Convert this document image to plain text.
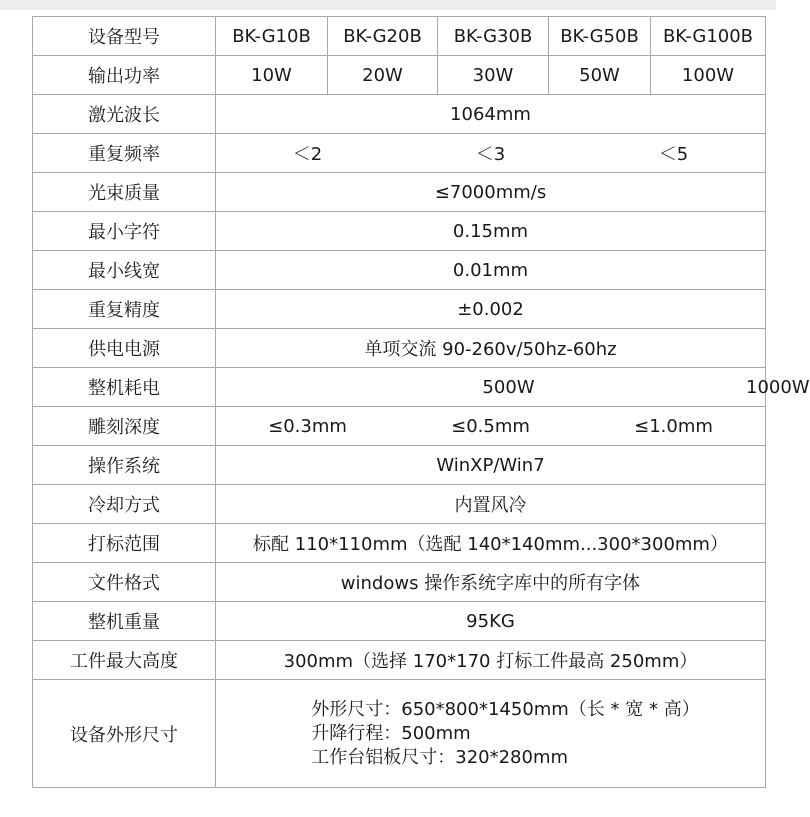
设备型号	BK-G10B	BK-G20B	BK-G30B	BK-G50B	BK-G100B
输出功率	10W	20W	30W	50W	100W
激光波长	1064mm				
重复频率	＜2 ＜3 ＜5				

光束质量	≤7000mm/s				
最小字符	0.15mm				
最小线宽	0.01mm				
重复精度	±0.002				
供电电源	单项交流 90-260v/50hz-60hz				
整机耗电	500W 1000W				

雕刻深度	≤0.3mm ≤0.5mm ≤1.0mm				

操作系统	WinXP/Win7				
冷却方式	内置风冷				
打标范围	标配 110*110mm（选配 140*140mm...300*300mm）				
文件格式	windows 操作系统字库中的所有字体				
整机重量	95KG				
工件最大高度	300mm（选择 170*170 打标工件最高 250mm）				
设备外形尺寸	外形尺寸：650*800*1450mm（长 * 宽 * 高）
升降行程：500mm
工作台铝板尺寸：320*280mm				
